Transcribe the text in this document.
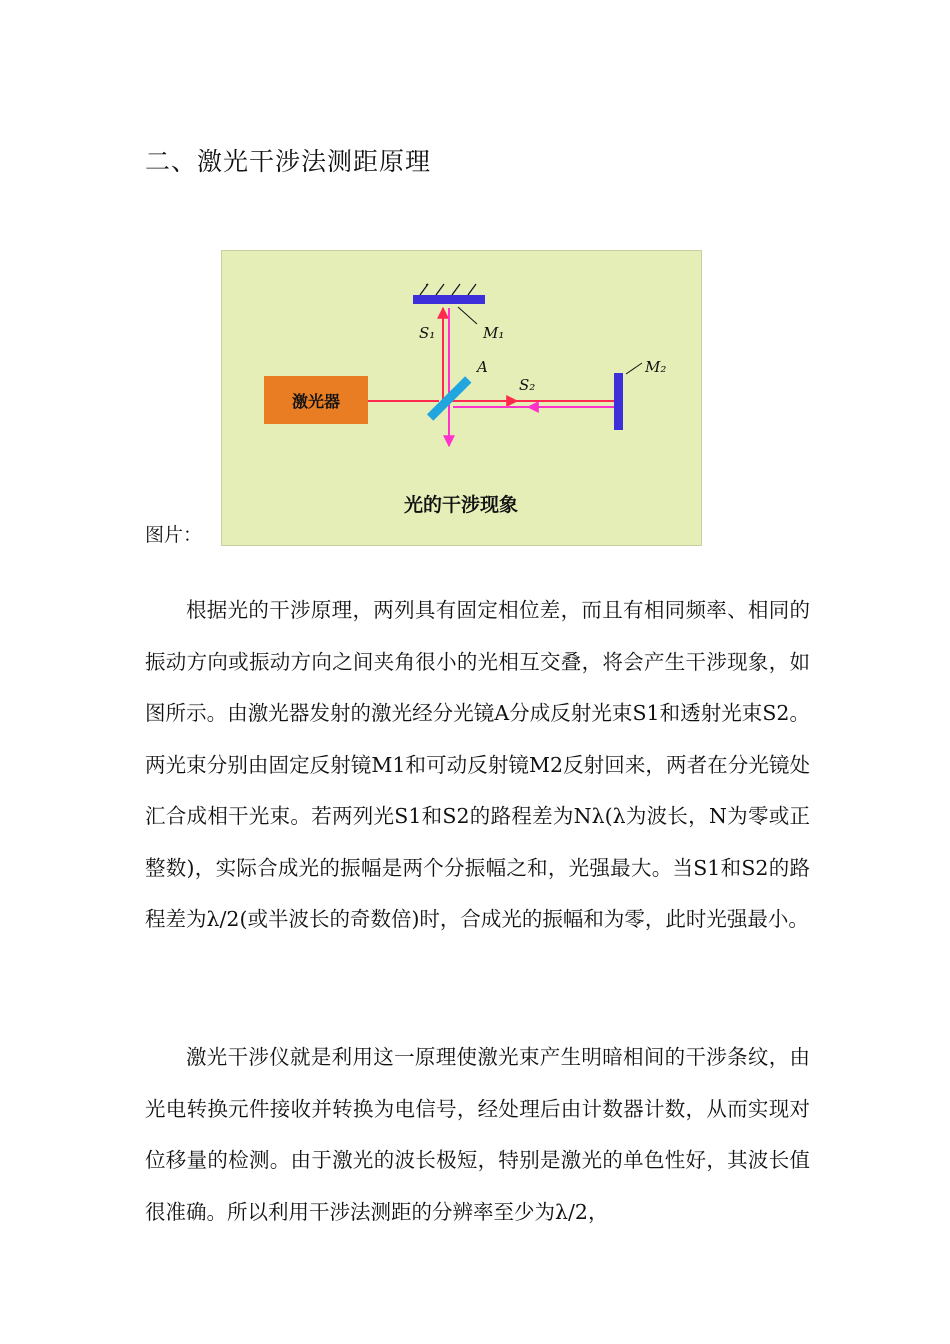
二、激光干涉法测距原理
图片：
激光器
S₁	M₁
A
S₂
M₂
光的干涉现象

根据光的干涉原理，两列具有固定相位差，而且有相同频率、相同的振动方向或振动方向之间夹角很小的光相互交叠，将会产生干涉现象，如图所示。由激光器发射的激光经分光镜A分成反射光束S1和透射光束S2。两光束分别由固定反射镜M1和可动反射镜M2反射回来，两者在分光镜处汇合成相干光束。若两列光S1和S2的路程差为Nλ(λ为波长，N为零或正整数)，实际合成光的振幅是两个分振幅之和，光强最大。当S1和S2的路程差为λ/2(或半波长的奇数倍)时，合成光的振幅和为零，此时光强最小。

激光干涉仪就是利用这一原理使激光束产生明暗相间的干涉条纹，由光电转换元件接收并转换为电信号，经处理后由计数器计数，从而实现对位移量的检测。由于激光的波长极短，特别是激光的单色性好，其波长值很准确。所以利用干涉法测距的分辨率至少为λ/2，
